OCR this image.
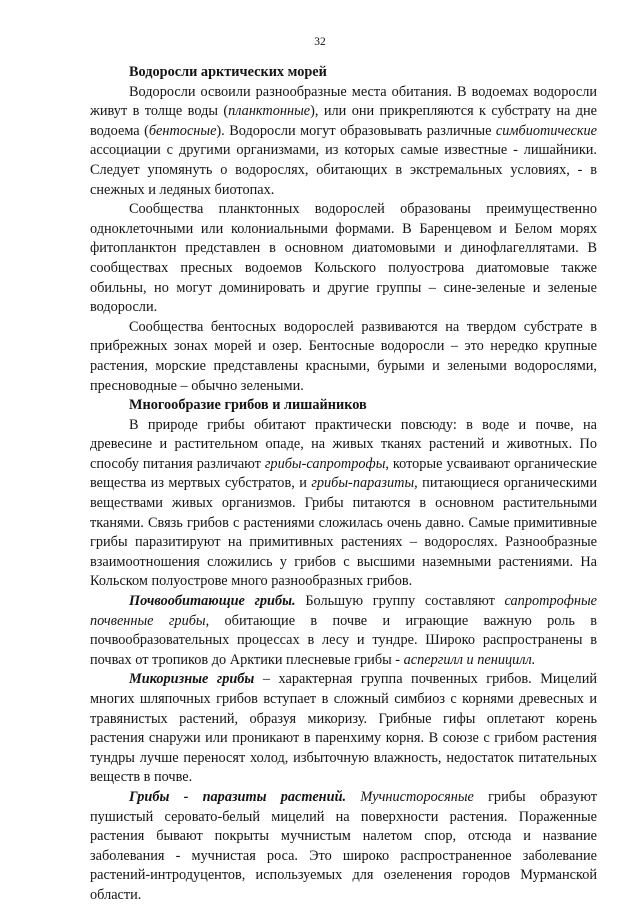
32
Водоросли арктических морей

Водоросли освоили разнообразные места обитания. В водоемах водоросли живут в толще воды (планктонные), или они прикрепляются к субстрату на дне водоема (бентосные). Водоросли могут образовывать различные симбиотические ассоциации с другими организмами, из которых самые известные - лишайники. Следует упомянуть о водорослях, обитающих в экстремальных условиях, - в снежных и ледяных биотопах.

Сообщества планктонных водорослей образованы преимущественно одноклеточными или колониальными формами. В Баренцевом и Белом морях фитопланктон представлен в основном диатомовыми и динофлагеллятами. В сообществах пресных водоемов Кольского полуострова диатомовые также обильны, но могут доминировать и другие группы – сине-зеленые и зеленые водоросли.

Сообщества бентосных водорослей развиваются на твердом субстрате в прибрежных зонах морей и озер. Бентосные водоросли – это нередко крупные растения, морские представлены красными, бурыми и зелеными водорослями, пресноводные – обычно зелеными.

Многообразие грибов и лишайников

В природе грибы обитают практически повсюду: в воде и почве, на древесине и растительном опаде, на живых тканях растений и животных. По способу питания различают грибы-сапротрофы, которые усваивают органические вещества из мертвых субстратов, и грибы-паразиты, питающиеся органическими веществами живых организмов. Грибы питаются в основном растительными тканями. Связь грибов с растениями сложилась очень давно. Самые примитивные грибы паразитируют на примитивных растениях – водорослях. Разнообразные взаимоотношения сложились у грибов с высшими наземными растениями. На Кольском полуострове много разнообразных грибов.

Почвообитающие грибы. Большую группу составляют сапротрофные почвенные грибы, обитающие в почве и играющие важную роль в почвообразовательных процессах в лесу и тундре. Широко распространены в почвах от тропиков до Арктики плесневые грибы - аспергилл и пеницилл.

Микоризные грибы – характерная группа почвенных грибов. Мицелий многих шляпочных грибов вступает в сложный симбиоз с корнями древесных и травянистых растений, образуя микоризу. Грибные гифы оплетают корень растения снаружи или проникают в паренхиму корня. В союзе с грибом растения тундры лучше переносят холод, избыточную влажность, недостаток питательных веществ в почве.

Грибы - паразиты растений. Мучнисторосяные грибы образуют пушистый серовато-белый мицелий на поверхности растения. Пораженные растения бывают покрыты мучнистым налетом спор, отсюда и название заболевания - мучнистая роса. Это широко распространенное заболевание растений-интродуцентов, используемых для озеленения городов Мурманской области.
